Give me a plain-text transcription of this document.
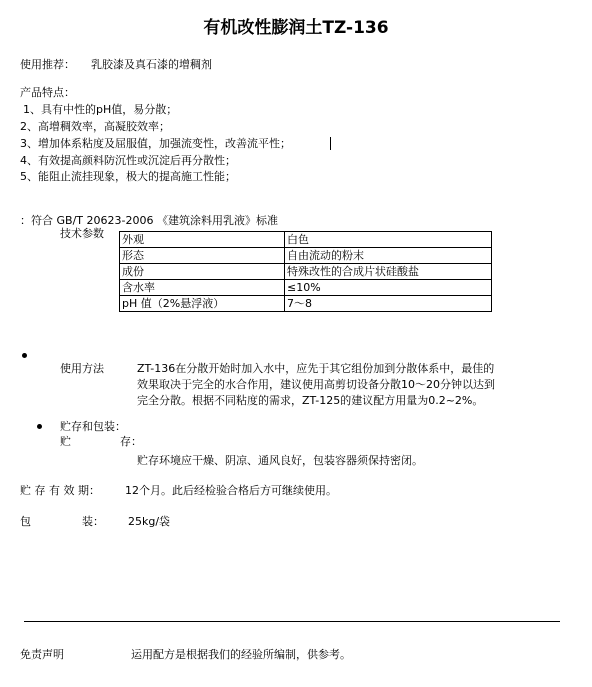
有机改性膨润土TZ-136
使用推荐： 乳胶漆及真石漆的增稠剂
产品特点：
1、具有中性的pH值，易分散；
2、高增稠效率，高凝胶效率；
3、增加体系粘度及屈服值，加强流变性，改善流平性；
4、有效提高颜料防沉性或沉淀后再分散性；
5、能阻止流挂现象，极大的提高施工性能；
：符合 GB/T 20623-2006 《建筑涂料用乳液》标准
技术参数 外观	白色
形态	自由流动的粉末
成份	特殊改性的合成片状硅酸盐
含水率	≤10%
pH 值（2%悬浮液）	7～8
使用方法	ZT-136在分散开始时加入水中，应先于其它组份加到分散体系中，最佳的
效果取决于完全的水合作用，建议使用高剪切设备分散10～20分钟以达到
完全分散。根据不同粘度的需求，ZT-125的建议配方用量为0.2~2%。
贮存和包装：
贮	存：
贮存环境应干燥、阴凉、通风良好，包装容器须保持密闭。
贮 存 有 效 期： 12个月。此后经检验合格后方可继续使用。
包	装： 25kg/袋
免责声明	运用配方是根据我们的经验所编制，供参考。
